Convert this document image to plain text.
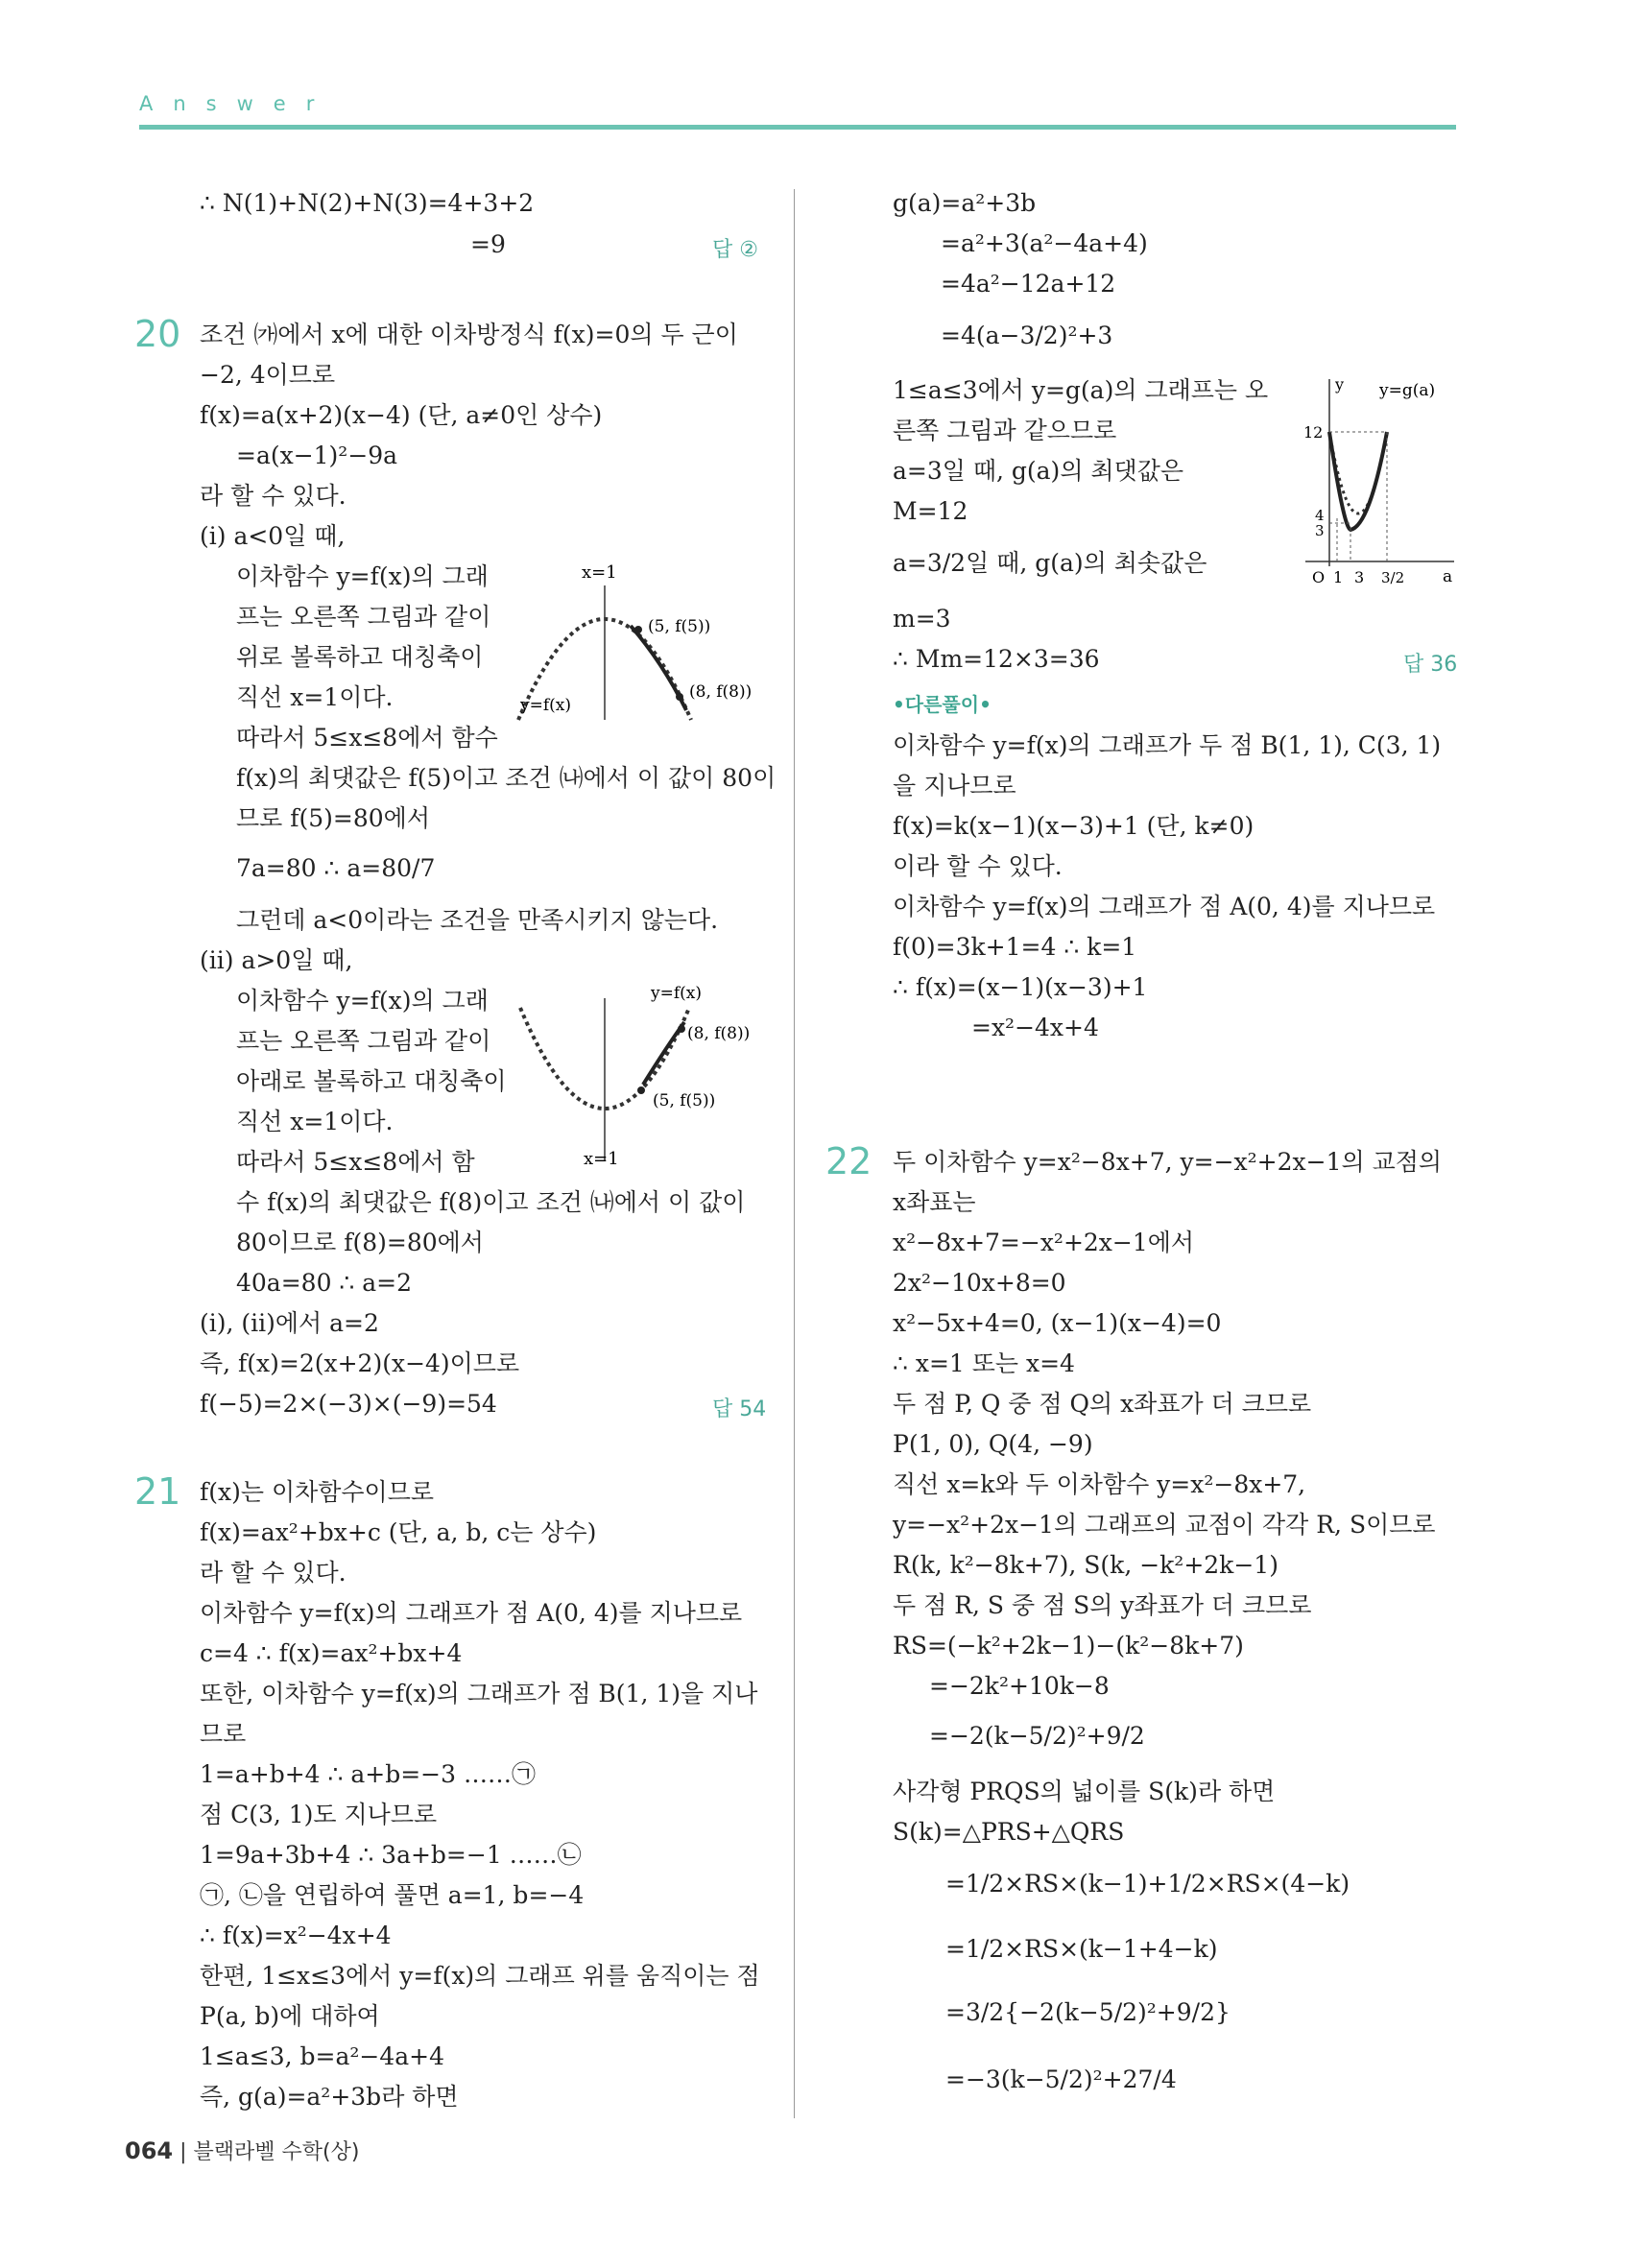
Answer
∴ N(1)+N(2)+N(3)=4+3+2
=9	답 ②
20 조건 ㈎에서 x에 대한 이차방정식 f(x)=0의 두 근이
−2, 4이므로
f(x)=a(x+2)(x−4) (단, a≠0인 상수)
=a(x−1)²−9a
라 할 수 있다.
(i) a<0일 때,
이차함수 y=f(x)의 그래
프는 오른쪽 그림과 같이
위로 볼록하고 대칭축이
직선 x=1이다.
따라서 5≤x≤8에서 함수
f(x)의 최댓값은 f(5)이고 조건 ㈏에서 이 값이 80이
므로 f(5)=80에서
7a=80 ∴ a=80/7
그런데 a<0이라는 조건을 만족시키지 않는다.
(ii) a>0일 때,
이차함수 y=f(x)의 그래
프는 오른쪽 그림과 같이
아래로 볼록하고 대칭축이
직선 x=1이다.
따라서 5≤x≤8에서 함
수 f(x)의 최댓값은 f(8)이고 조건 ㈏에서 이 값이
80이므로 f(8)=80에서
40a=80 ∴ a=2
(i), (ii)에서 a=2
즉, f(x)=2(x+2)(x−4)이므로
f(−5)=2×(−3)×(−9)=54	답 54
x=1
(5, f(5))
(8, f(8))
y=f(x)
y=f(x)
(8, f(8))
(5, f(5))
x=1
21 f(x)는 이차함수이므로
f(x)=ax²+bx+c (단, a, b, c는 상수)
라 할 수 있다.
이차함수 y=f(x)의 그래프가 점 A(0, 4)를 지나므로
c=4 ∴ f(x)=ax²+bx+4
또한, 이차함수 y=f(x)의 그래프가 점 B(1, 1)을 지나
므로
1=a+b+4 ∴ a+b=−3 ……㉠
점 C(3, 1)도 지나므로
1=9a+3b+4 ∴ 3a+b=−1 ……㉡
㉠, ㉡을 연립하여 풀면 a=1, b=−4
∴ f(x)=x²−4x+4
한편, 1≤x≤3에서 y=f(x)의 그래프 위를 움직이는 점
P(a, b)에 대하여
1≤a≤3, b=a²−4a+4
즉, g(a)=a²+3b라 하면
g(a)=a²+3b
=a²+3(a²−4a+4)
=4a²−12a+12
=4(a−3/2)²+3
1≤a≤3에서 y=g(a)의 그래프는 오
른쪽 그림과 같으므로
a=3일 때, g(a)의 최댓값은
M=12
a=3/2일 때, g(a)의 최솟값은
m=3
∴ Mm=12×3=36	답 36
y y=g(a)
12
4
3
O 1 3 3/2 a
•다른풀이•
이차함수 y=f(x)의 그래프가 두 점 B(1, 1), C(3, 1)
을 지나므로
f(x)=k(x−1)(x−3)+1 (단, k≠0)
이라 할 수 있다.
이차함수 y=f(x)의 그래프가 점 A(0, 4)를 지나므로
f(0)=3k+1=4 ∴ k=1
∴ f(x)=(x−1)(x−3)+1
=x²−4x+4
22 두 이차함수 y=x²−8x+7, y=−x²+2x−1의 교점의
x좌표는
x²−8x+7=−x²+2x−1에서
2x²−10x+8=0
x²−5x+4=0, (x−1)(x−4)=0
∴ x=1 또는 x=4
두 점 P, Q 중 점 Q의 x좌표가 더 크므로
P(1, 0), Q(4, −9)
직선 x=k와 두 이차함수 y=x²−8x+7,
y=−x²+2x−1의 그래프의 교점이 각각 R, S이므로
R(k, k²−8k+7), S(k, −k²+2k−1)
두 점 R, S 중 점 S의 y좌표가 더 크므로
RS=(−k²+2k−1)−(k²−8k+7)
=−2k²+10k−8
=−2(k−5/2)²+9/2
사각형 PRQS의 넓이를 S(k)라 하면
S(k)=△PRS+△QRS
=1/2×RS×(k−1)+1/2×RS×(4−k)
=1/2×RS×(k−1+4−k)
=3/2{−2(k−5/2)²+9/2}
=−3(k−5/2)²+27/4
064 | 블랙라벨 수학(상)
